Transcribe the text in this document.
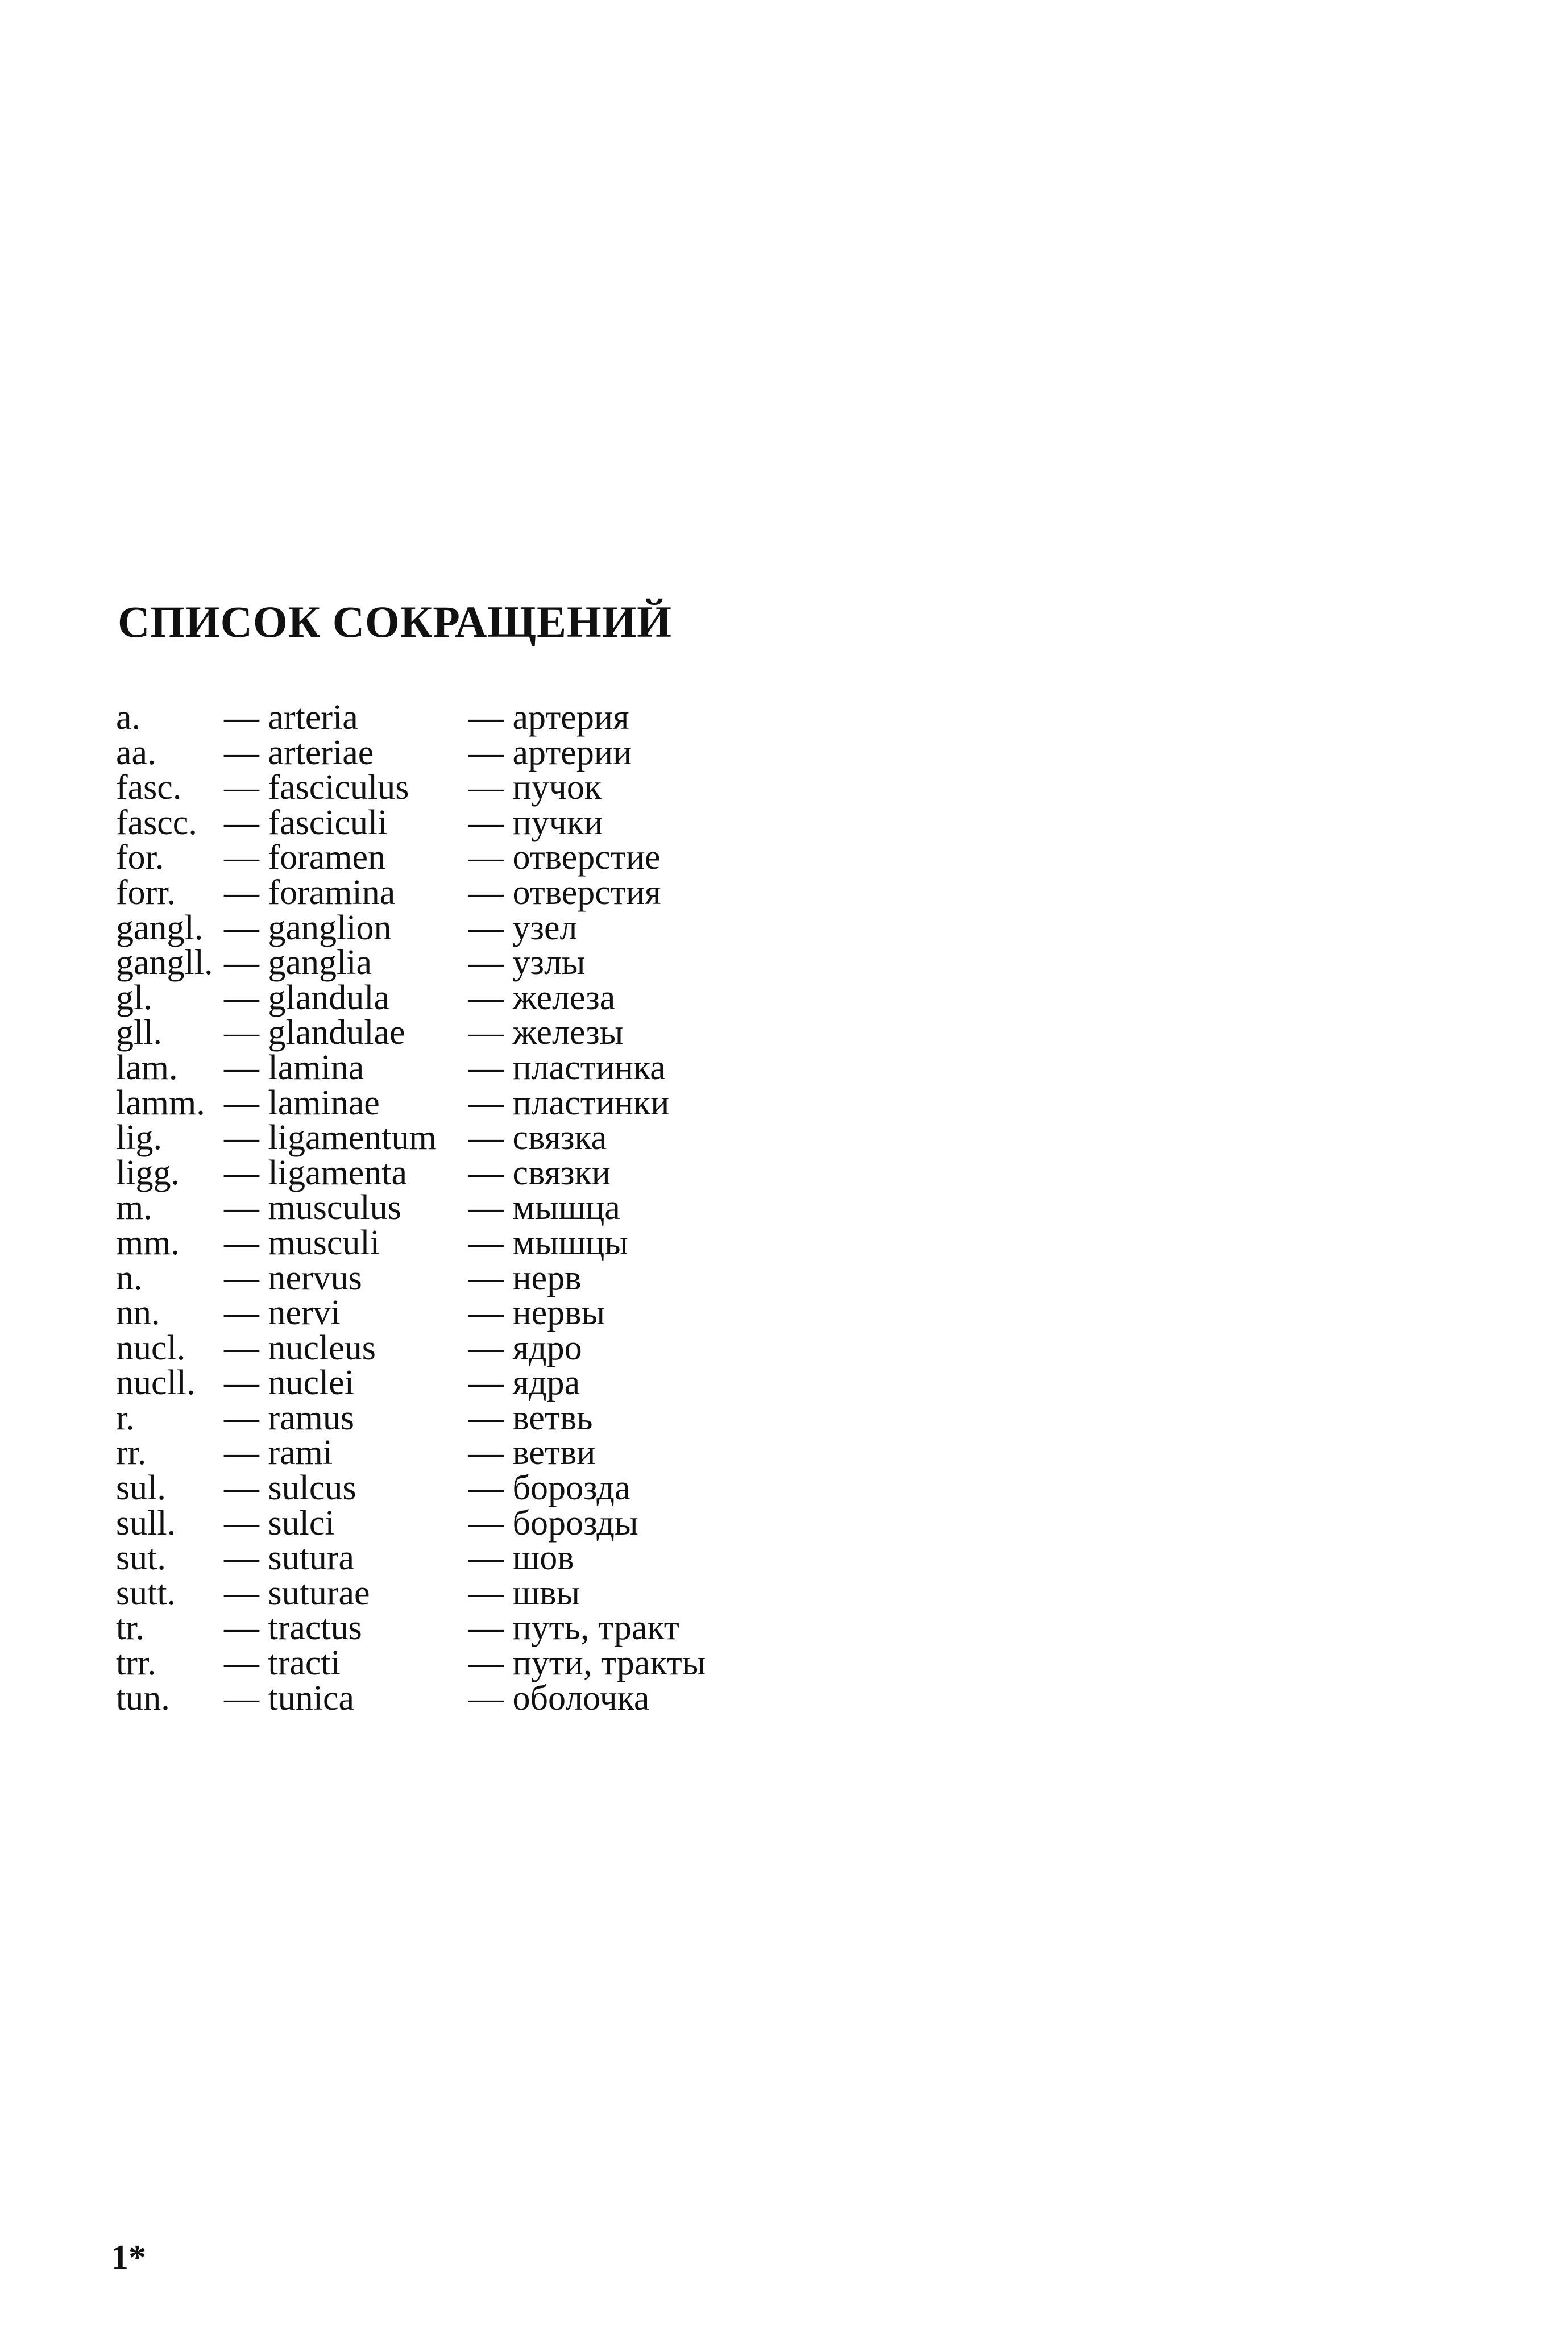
СПИСОК СОКРАЩЕНИЙ
a. — arteria	— артерия
aa. — arteriae	— артерии
fasc. — fasciculus — пучок
fascc. — fasciculi — пучки
for. — foramen — отверстие
forr. — foramina — отверстия
gangl. — ganglion — узел
gangll. — ganglia	— узлы
gl. — glandula — железа
gll. — glandulae — железы
lam. — lamina	— пластинка
lamm. — laminae	— пластинки
lig. — ligamentum — связка
ligg. — ligamenta — связки
m. — musculus — мышца
mm. — musculi	— мышцы
n. — nervus	— нерв
nn. — nervi	— нервы
nucl. — nucleus	— ядро
nucll. — nuclei	— ядра
r.	— ramus	— ветвь
rr. — rami	— ветви
sul. — sulcus	— борозда
sull. — sulci	— борозды
sut. — sutura	— шов
sutt. — suturae	— швы
tr. — tractus	— путь, тракт
trr. — tracti	— пути, тракты
tun. — tunica	— оболочка
1*
